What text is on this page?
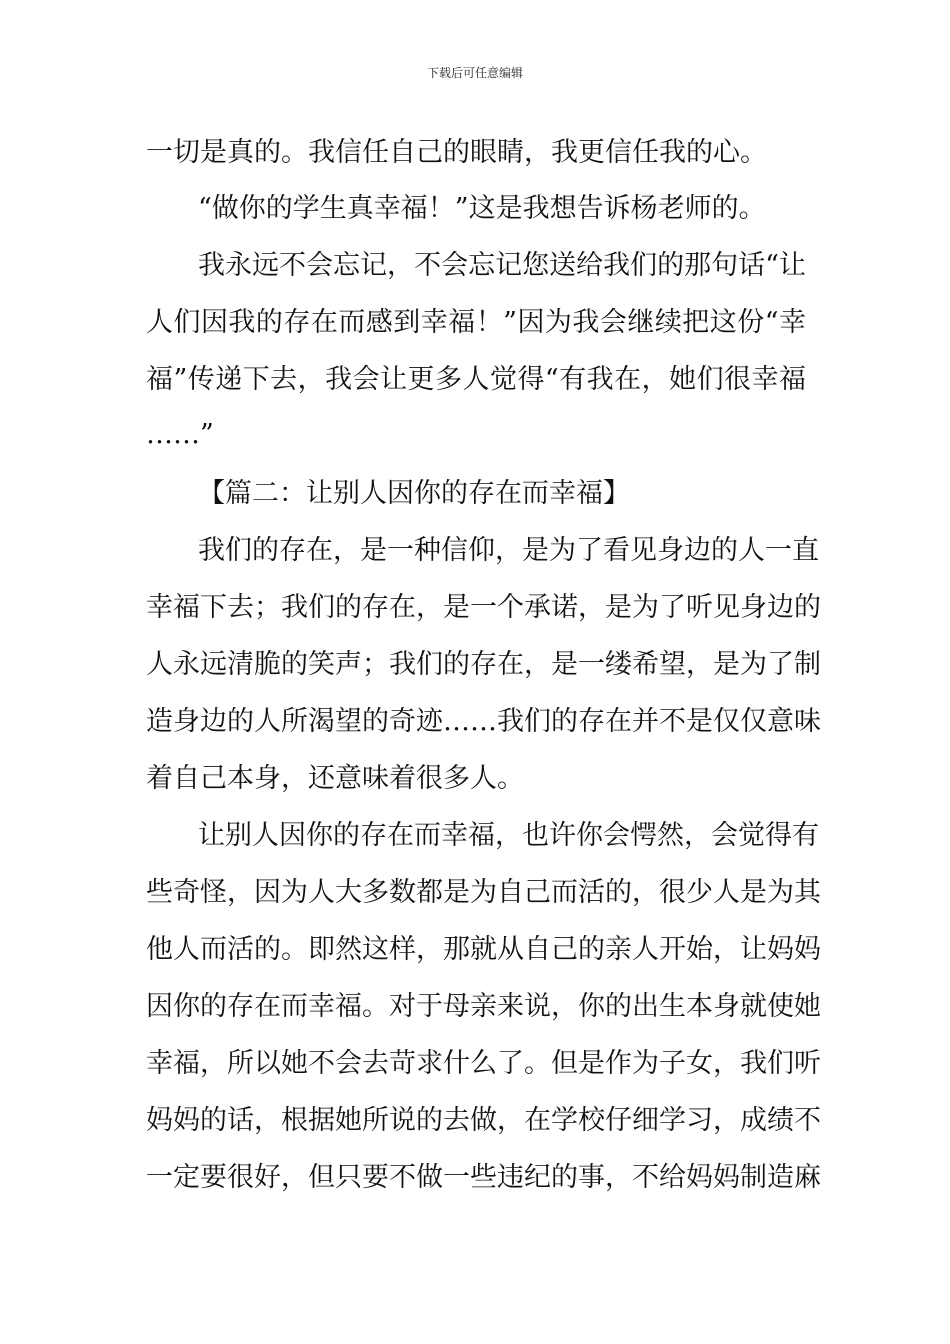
下载后可任意编辑
一切是真的。我信任自己的眼睛，我更信任我的心。
“做你的学生真幸福！”这是我想告诉杨老师的。
我永远不会忘记，不会忘记您送给我们的那句话“让
人们因我的存在而感到幸福！”因为我会继续把这份“幸
福”传递下去，我会让更多人觉得“有我在，她们很幸福
……”
【篇二：让别人因你的存在而幸福】
我们的存在，是一种信仰，是为了看见身边的人一直
幸福下去；我们的存在，是一个承诺，是为了听见身边的
人永远清脆的笑声；我们的存在，是一缕希望，是为了制
造身边的人所渴望的奇迹……我们的存在并不是仅仅意味
着自己本身，还意味着很多人。
让别人因你的存在而幸福，也许你会愕然，会觉得有
些奇怪，因为人大多数都是为自己而活的，很少人是为其
他人而活的。即然这样，那就从自己的亲人开始，让妈妈
因你的存在而幸福。对于母亲来说，你的出生本身就使她
幸福，所以她不会去苛求什么了。但是作为子女，我们听
妈妈的话，根据她所说的去做，在学校仔细学习，成绩不
一定要很好，但只要不做一些违纪的事，不给妈妈制造麻
